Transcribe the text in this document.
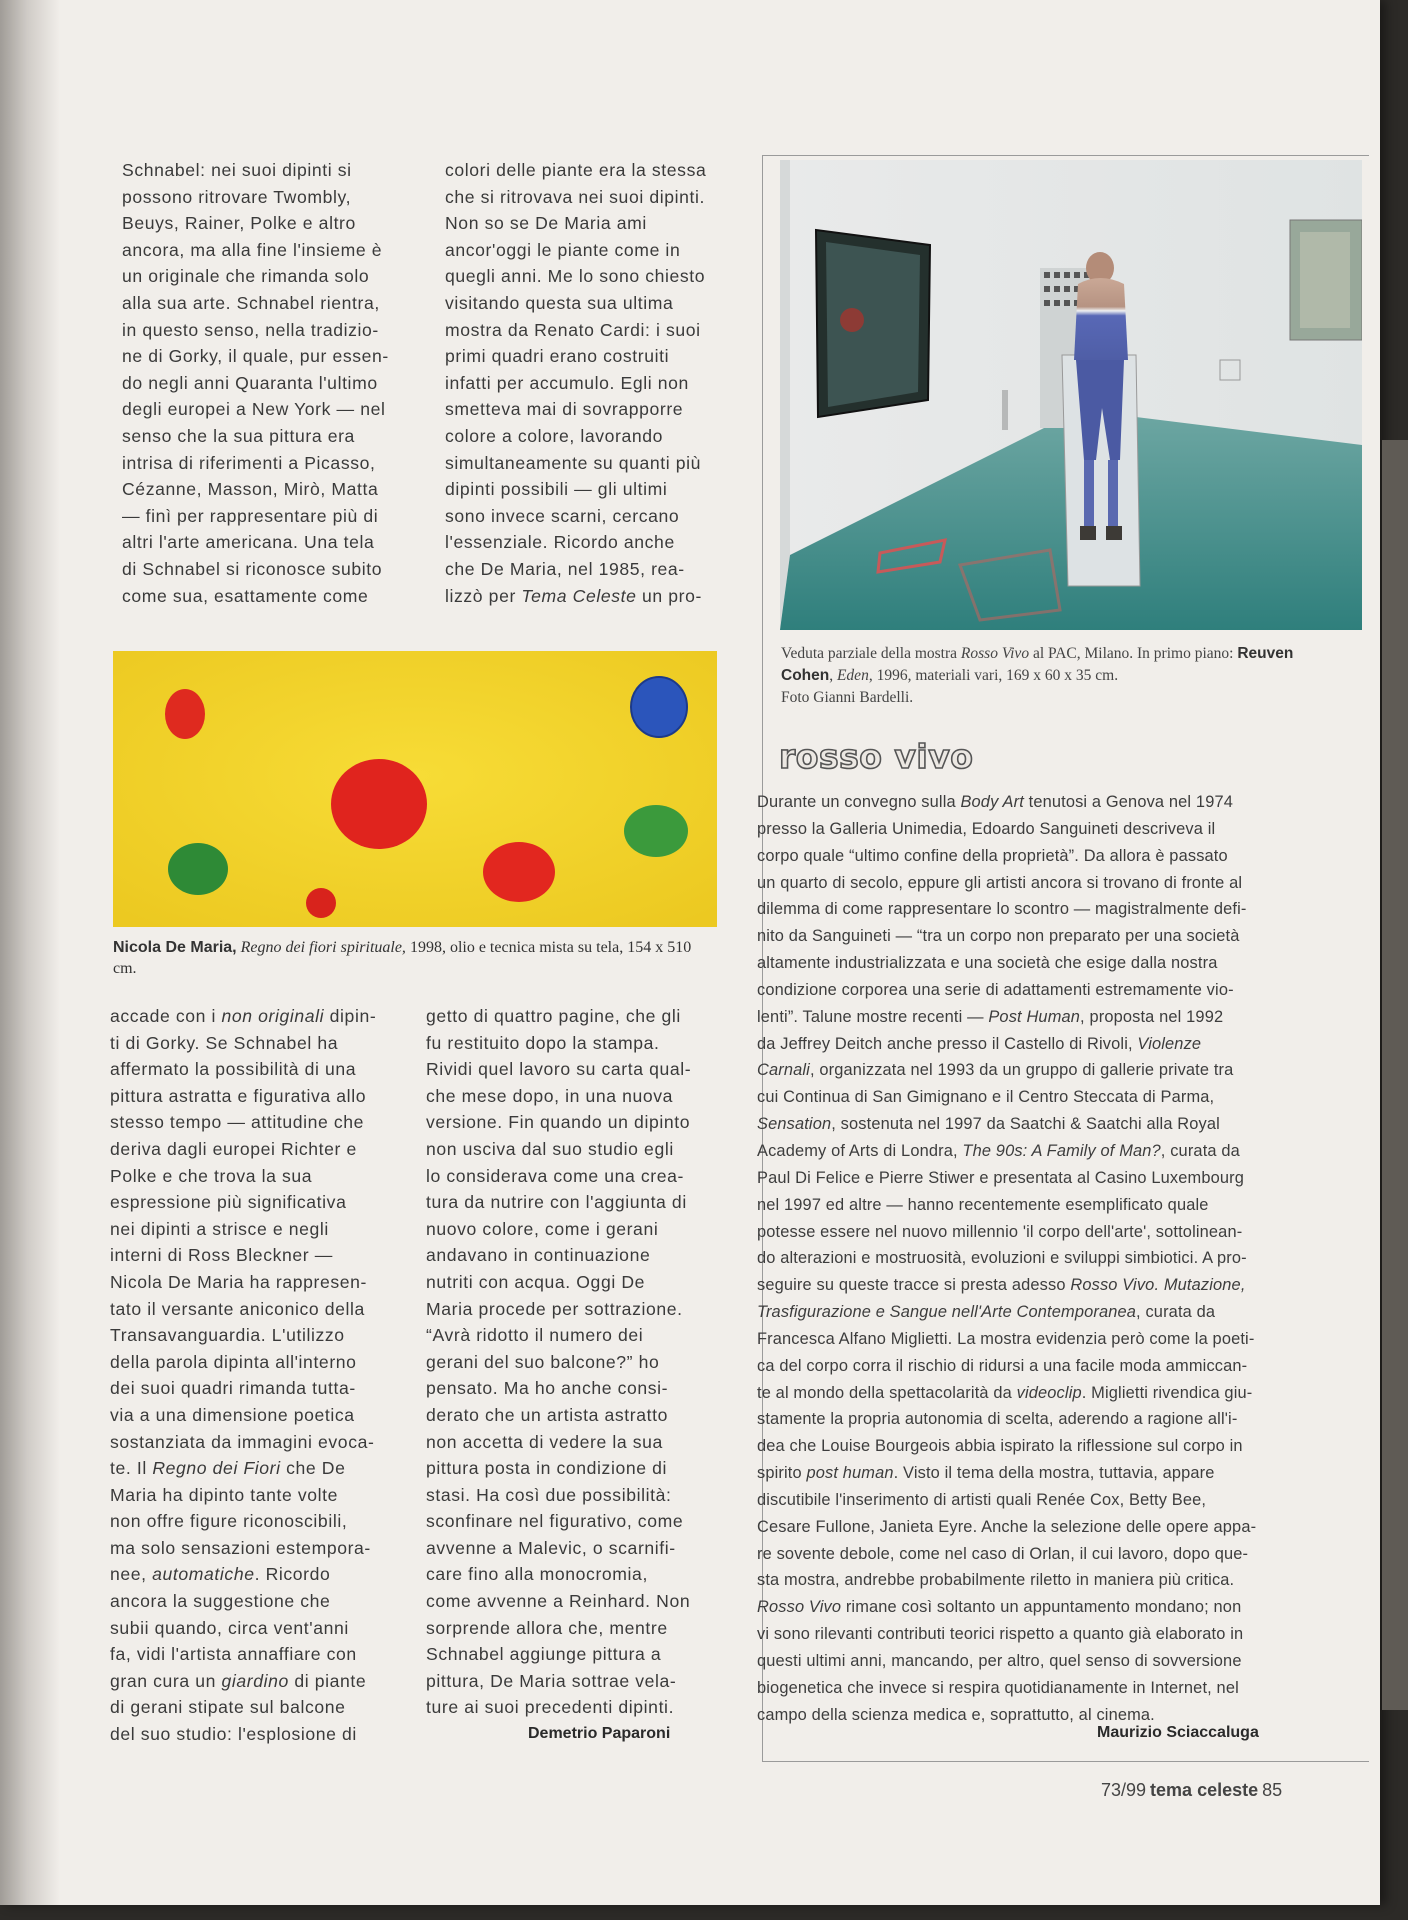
Schnabel: nei suoi dipinti si

possono ritrovare Twombly,

Beuys, Rainer, Polke e altro

ancora, ma alla fine l'insieme è

un originale che rimanda solo

alla sua arte. Schnabel rientra,

in questo senso, nella tradizio-

ne di Gorky, il quale, pur essen-

do negli anni Quaranta l'ultimo

degli europei a New York — nel

senso che la sua pittura era

intrisa di riferimenti a Picasso,

Cézanne, Masson, Mirò, Matta

— finì per rappresentare più di

altri l'arte americana. Una tela

di Schnabel si riconosce subito

come sua, esattamente come

colori delle piante era la stessa

che si ritrovava nei suoi dipinti.

Non so se De Maria ami

ancor'oggi le piante come in

quegli anni. Me lo sono chiesto

visitando questa sua ultima

mostra da Renato Cardi: i suoi

primi quadri erano costruiti

infatti per accumulo. Egli non

smetteva mai di sovrapporre

colore a colore, lavorando

simultaneamente su quanti più

dipinti possibili — gli ultimi

sono invece scarni, cercano

l'essenziale. Ricordo anche

che De Maria, nel 1985, rea-

lizzò per Tema Celeste un pro-

Nicola De Maria, Regno dei fiori spirituale, 1998, olio e tecnica mista su tela, 154 x 510 cm.

accade con i non originali dipin-

ti di Gorky. Se Schnabel ha

affermato la possibilità di una

pittura astratta e figurativa allo

stesso tempo — attitudine che

deriva dagli europei Richter e

Polke e che trova la sua

espressione più significativa

nei dipinti a strisce e negli

interni di Ross Bleckner —

Nicola De Maria ha rappresen-

tato il versante aniconico della

Transavanguardia. L'utilizzo

della parola dipinta all'interno

dei suoi quadri rimanda tutta-

via a una dimensione poetica

sostanziata da immagini evoca-

te. Il Regno dei Fiori che De

Maria ha dipinto tante volte

non offre figure riconoscibili,

ma solo sensazioni estempora-

nee, automatiche. Ricordo

ancora la suggestione che

subii quando, circa vent'anni

fa, vidi l'artista annaffiare con

gran cura un giardino di piante

di gerani stipate sul balcone

del suo studio: l'esplosione di

getto di quattro pagine, che gli

fu restituito dopo la stampa.

Rividi quel lavoro su carta qual-

che mese dopo, in una nuova

versione. Fin quando un dipinto

non usciva dal suo studio egli

lo considerava come una crea-

tura da nutrire con l'aggiunta di

nuovo colore, come i gerani

andavano in continuazione

nutriti con acqua. Oggi De

Maria procede per sottrazione.

“Avrà ridotto il numero dei

gerani del suo balcone?” ho

pensato. Ma ho anche consi-

derato che un artista astratto

non accetta di vedere la sua

pittura posta in condizione di

stasi. Ha così due possibilità:

sconfinare nel figurativo, come

avvenne a Malevic, o scarnifi-

care fino alla monocromia,

come avvenne a Reinhard. Non

sorprende allora che, mentre

Schnabel aggiunge pittura a

pittura, De Maria sottrae vela-

ture ai suoi precedenti dipinti.

Demetrio Paparoni
Veduta parziale della mostra Rosso Vivo al PAC, Milano. In primo piano: Reuven Cohen, Eden, 1996, materiali vari, 169 x 60 x 35 cm.
Foto Gianni Bardelli.
rosso vivo
Durante un convegno sulla Body Art tenutosi a Genova nel 1974
presso la Galleria Unimedia, Edoardo Sanguineti descriveva il
corpo quale “ultimo confine della proprietà”. Da allora è passato
un quarto di secolo, eppure gli artisti ancora si trovano di fronte al
dilemma di come rappresentare lo scontro — magistralmente defi-
nito da Sanguineti — “tra un corpo non preparato per una società
altamente industrializzata e una società che esige dalla nostra
condizione corporea una serie di adattamenti estremamente vio-
lenti”. Talune mostre recenti — Post Human, proposta nel 1992
da Jeffrey Deitch anche presso il Castello di Rivoli, Violenze
Carnali, organizzata nel 1993 da un gruppo di gallerie private tra
cui Continua di San Gimignano e il Centro Steccata di Parma,
Sensation, sostenuta nel 1997 da Saatchi & Saatchi alla Royal
Academy of Arts di Londra, The 90s: A Family of Man?, curata da
Paul Di Felice e Pierre Stiwer e presentata al Casino Luxembourg
nel 1997 ed altre — hanno recentemente esemplificato quale
potesse essere nel nuovo millennio 'il corpo dell'arte', sottolinean-
do alterazioni e mostruosità, evoluzioni e sviluppi simbiotici. A pro-
seguire su queste tracce si presta adesso Rosso Vivo. Mutazione,
Trasfigurazione e Sangue nell'Arte Contemporanea, curata da
Francesca Alfano Miglietti. La mostra evidenzia però come la poeti-
ca del corpo corra il rischio di ridursi a una facile moda ammiccan-
te al mondo della spettacolarità da videoclip. Miglietti rivendica giu-
stamente la propria autonomia di scelta, aderendo a ragione all'i-
dea che Louise Bourgeois abbia ispirato la riflessione sul corpo in
spirito post human. Visto il tema della mostra, tuttavia, appare
discutibile l'inserimento di artisti quali Renée Cox, Betty Bee,
Cesare Fullone, Janieta Eyre. Anche la selezione delle opere appa-
re sovente debole, come nel caso di Orlan, il cui lavoro, dopo que-
sta mostra, andrebbe probabilmente riletto in maniera più critica.
Rosso Vivo rimane così soltanto un appuntamento mondano; non
vi sono rilevanti contributi teorici rispetto a quanto già elaborato in
questi ultimi anni, mancando, per altro, quel senso di sovversione
biogenetica che invece si respira quotidianamente in Internet, nel
campo della scienza medica e, soprattutto, al cinema.
Maurizio Sciaccaluga
73/99 tema celeste 85
